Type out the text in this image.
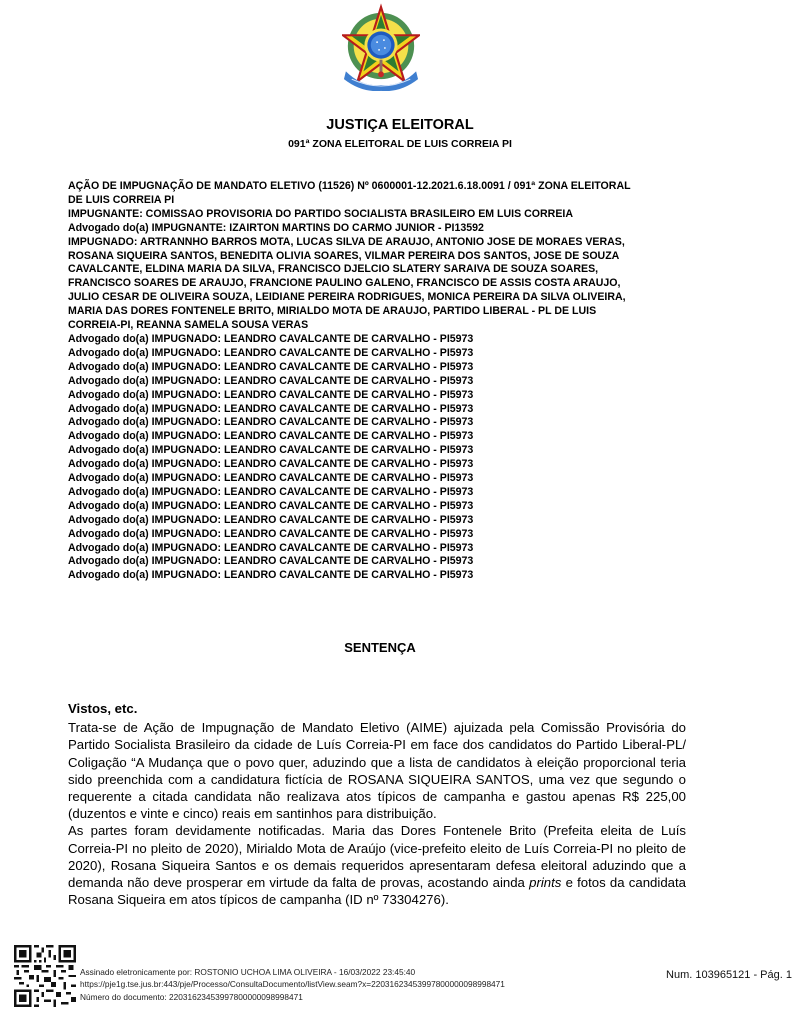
JUSTIÇA ELEITORAL
091ª ZONA ELEITORAL DE LUIS CORREIA PI
AÇÃO DE IMPUGNAÇÃO DE MANDATO ELETIVO (11526) Nº 0600001-12.2021.6.18.0091 / 091ª ZONA ELEITORAL
DE LUIS CORREIA PI
IMPUGNANTE: COMISSAO PROVISORIA DO PARTIDO SOCIALISTA BRASILEIRO EM LUIS CORREIA
Advogado do(a) IMPUGNANTE: IZAIRTON MARTINS DO CARMO JUNIOR - PI13592
IMPUGNADO: ARTRANNHO BARROS MOTA, LUCAS SILVA DE ARAUJO, ANTONIO JOSE DE MORAES VERAS,
ROSANA SIQUEIRA SANTOS, BENEDITA OLIVIA SOARES, VILMAR PEREIRA DOS SANTOS, JOSE DE SOUZA
CAVALCANTE, ELDINA MARIA DA SILVA, FRANCISCO DJELCIO SLATERY SARAIVA DE SOUZA SOARES,
FRANCISCO SOARES DE ARAUJO, FRANCIONE PAULINO GALENO, FRANCISCO DE ASSIS COSTA ARAUJO,
JULIO CESAR DE OLIVEIRA SOUZA, LEIDIANE PEREIRA RODRIGUES, MONICA PEREIRA DA SILVA OLIVEIRA,
MARIA DAS DORES FONTENELE BRITO, MIRIALDO MOTA DE ARAUJO, PARTIDO LIBERAL - PL DE LUIS
CORREIA-PI, REANNA SAMELA SOUSA VERAS
Advogado do(a) IMPUGNADO: LEANDRO CAVALCANTE DE CARVALHO - PI5973
Advogado do(a) IMPUGNADO: LEANDRO CAVALCANTE DE CARVALHO - PI5973
Advogado do(a) IMPUGNADO: LEANDRO CAVALCANTE DE CARVALHO - PI5973
Advogado do(a) IMPUGNADO: LEANDRO CAVALCANTE DE CARVALHO - PI5973
Advogado do(a) IMPUGNADO: LEANDRO CAVALCANTE DE CARVALHO - PI5973
Advogado do(a) IMPUGNADO: LEANDRO CAVALCANTE DE CARVALHO - PI5973
Advogado do(a) IMPUGNADO: LEANDRO CAVALCANTE DE CARVALHO - PI5973
Advogado do(a) IMPUGNADO: LEANDRO CAVALCANTE DE CARVALHO - PI5973
Advogado do(a) IMPUGNADO: LEANDRO CAVALCANTE DE CARVALHO - PI5973
Advogado do(a) IMPUGNADO: LEANDRO CAVALCANTE DE CARVALHO - PI5973
Advogado do(a) IMPUGNADO: LEANDRO CAVALCANTE DE CARVALHO - PI5973
Advogado do(a) IMPUGNADO: LEANDRO CAVALCANTE DE CARVALHO - PI5973
Advogado do(a) IMPUGNADO: LEANDRO CAVALCANTE DE CARVALHO - PI5973
Advogado do(a) IMPUGNADO: LEANDRO CAVALCANTE DE CARVALHO - PI5973
Advogado do(a) IMPUGNADO: LEANDRO CAVALCANTE DE CARVALHO - PI5973
Advogado do(a) IMPUGNADO: LEANDRO CAVALCANTE DE CARVALHO - PI5973
Advogado do(a) IMPUGNADO: LEANDRO CAVALCANTE DE CARVALHO - PI5973
Advogado do(a) IMPUGNADO: LEANDRO CAVALCANTE DE CARVALHO - PI5973
SENTENÇA
Vistos, etc.
Trata-se de Ação de Impugnação de Mandato Eletivo (AIME) ajuizada pela Comissão Provisória do Partido Socialista Brasileiro da cidade de Luís Correia-PI em face dos candidatos do Partido Liberal-PL/ Coligação “A Mudança que o povo quer, aduzindo que a lista de candidatos à eleição proporcional teria sido preenchida com a candidatura fictícia de ROSANA SIQUEIRA SANTOS, uma vez que segundo o requerente a citada candidata não realizava atos típicos de campanha e gastou apenas R$ 225,00 (duzentos e vinte e cinco) reais em santinhos para distribuição.
As partes foram devidamente notificadas. Maria das Dores Fontenele Brito (Prefeita eleita de Luís Correia-PI no pleito de 2020), Mirialdo Mota de Araújo (vice-prefeito eleito de Luís Correia-PI no pleito de 2020), Rosana Siqueira Santos e os demais requeridos apresentaram defesa eleitoral aduzindo que a demanda não deve prosperar em virtude da falta de provas, acostando ainda prints e fotos da candidata Rosana Siqueira em atos típicos de campanha (ID nº 73304276).
Assinado eletronicamente por: ROSTONIO UCHOA LIMA OLIVEIRA - 16/03/2022 23:45:40
https://pje1g.tse.jus.br:443/pje/Processo/ConsultaDocumento/listView.seam?x=22031623453997800000098998471
Número do documento: 22031623453997800000098998471
Num. 103965121 - Pág. 1
